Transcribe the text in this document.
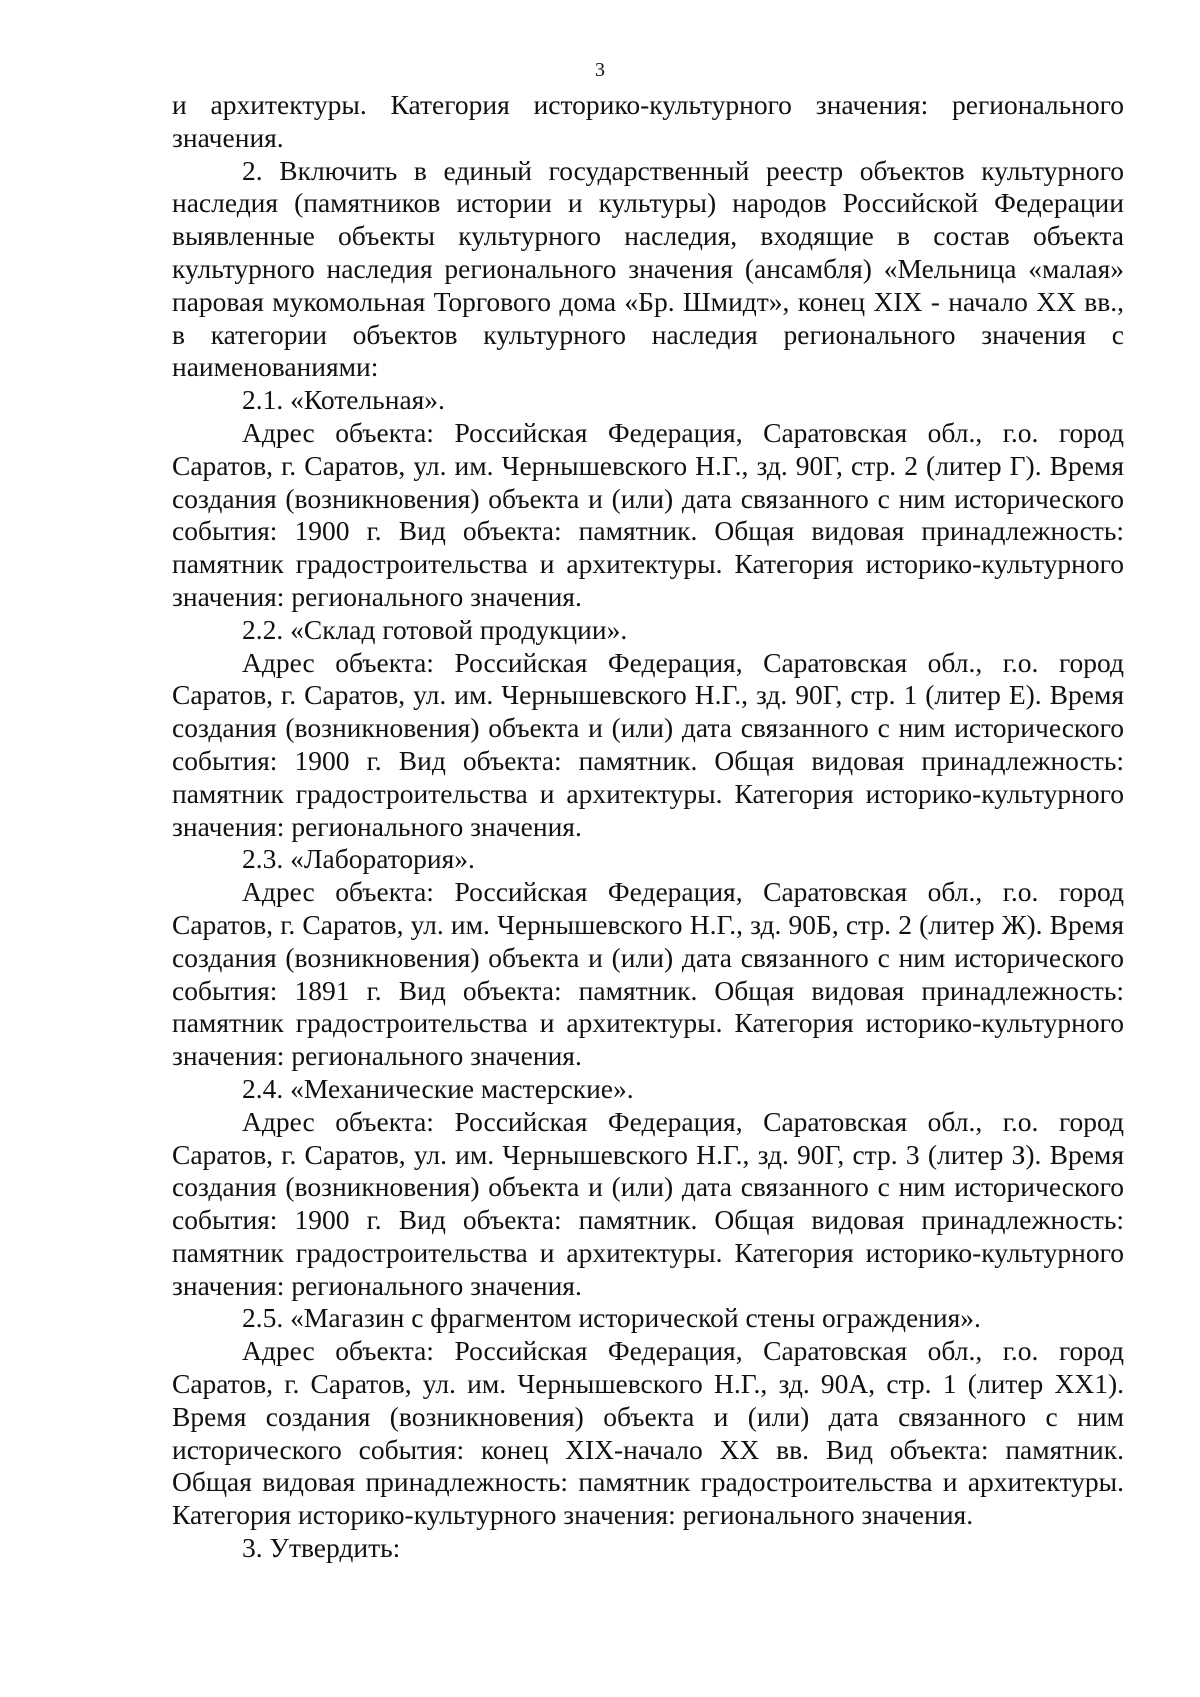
3

и архитектуры. Категория историко-культурного значения: регионального значения.

2. Включить в единый государственный реестр объектов культурного наследия (памятников истории и культуры) народов Российской Федерации выявленные объекты культурного наследия, входящие в состав объекта культурного наследия регионального значения (ансамбля) «Мельница «малая» паровая мукомольная Торгового дома «Бр. Шмидт», конец XIX - начало XX вв., в категории объектов культурного наследия регионального значения с наименованиями:

2.1. «Котельная».

Адрес объекта: Российская Федерация, Саратовская обл., г.о. город Саратов, г. Саратов, ул. им. Чернышевского Н.Г., зд. 90Г, стр. 2 (литер Г). Время создания (возникновения) объекта и (или) дата связанного с ним исторического события: 1900 г. Вид объекта: памятник. Общая видовая принадлежность: памятник градостроительства и архитектуры. Категория историко-культурного значения: регионального значения.

2.2. «Склад готовой продукции».

Адрес объекта: Российская Федерация, Саратовская обл., г.о. город Саратов, г. Саратов, ул. им. Чернышевского Н.Г., зд. 90Г, стр. 1 (литер Е). Время создания (возникновения) объекта и (или) дата связанного с ним исторического события: 1900 г. Вид объекта: памятник. Общая видовая принадлежность: памятник градостроительства и архитектуры. Категория историко-культурного значения: регионального значения.

2.3. «Лаборатория».

Адрес объекта: Российская Федерация, Саратовская обл., г.о. город Саратов, г. Саратов, ул. им. Чернышевского Н.Г., зд. 90Б, стр. 2 (литер Ж). Время создания (возникновения) объекта и (или) дата связанного с ним исторического события: 1891 г. Вид объекта: памятник. Общая видовая принадлежность: памятник градостроительства и архитектуры. Категория историко-культурного значения: регионального значения.

2.4. «Механические мастерские».

Адрес объекта: Российская Федерация, Саратовская обл., г.о. город Саратов, г. Саратов, ул. им. Чернышевского Н.Г., зд. 90Г, стр. 3 (литер З). Время создания (возникновения) объекта и (или) дата связанного с ним исторического события: 1900 г. Вид объекта: памятник. Общая видовая принадлежность: памятник градостроительства и архитектуры. Категория историко-культурного значения: регионального значения.

2.5. «Магазин с фрагментом исторической стены ограждения».

Адрес объекта: Российская Федерация, Саратовская обл., г.о. город Саратов, г. Саратов, ул. им. Чернышевского Н.Г., зд. 90А, стр. 1 (литер ХХ1). Время создания (возникновения) объекта и (или) дата связанного с ним исторического события: конец XIX-начало XX вв. Вид объекта: памятник. Общая видовая принадлежность: памятник градостроительства и архитектуры. Категория историко-культурного значения: регионального значения.

3. Утвердить:
